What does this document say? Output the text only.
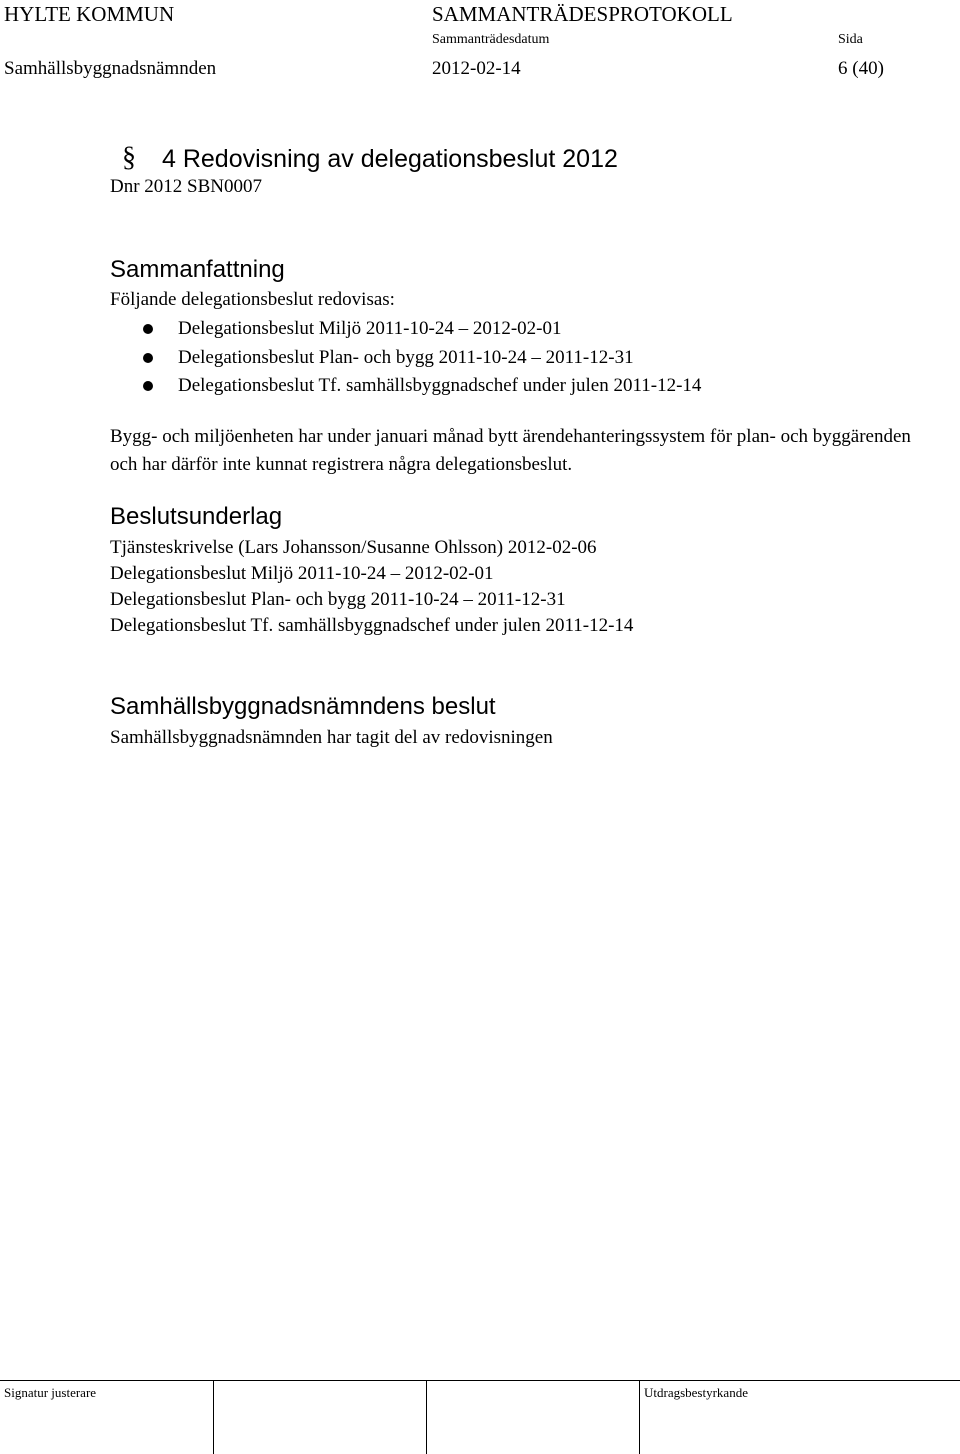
HYLTE KOMMUN	SAMMANTRÄDESPROTOKOLL
Sammanträdesdatum	Sida
Samhällsbyggnadsnämnden	2012-02-14	6 (40)
§ 4 Redovisning av delegationsbeslut 2012
Dnr 2012 SBN0007
Sammanfattning
Följande delegationsbeslut redovisas:
Delegationsbeslut Miljö 2011-10-24 – 2012-02-01
Delegationsbeslut Plan- och bygg 2011-10-24 – 2011-12-31
Delegationsbeslut Tf. samhällsbyggnadschef under julen 2011-12-14
Bygg- och miljöenheten har under januari månad bytt ärendehanteringssystem för plan- och byggärenden och har därför inte kunnat registrera några delegationsbeslut.
Beslutsunderlag
Tjänsteskrivelse (Lars Johansson/Susanne Ohlsson) 2012-02-06
Delegationsbeslut Miljö 2011-10-24 – 2012-02-01
Delegationsbeslut Plan- och bygg 2011-10-24 – 2011-12-31
Delegationsbeslut Tf. samhällsbyggnadschef under julen 2011-12-14
Samhällsbyggnadsnämndens beslut
Samhällsbyggnadsnämnden har tagit del av redovisningen
Signatur justerare	Utdragsbestyrkande
